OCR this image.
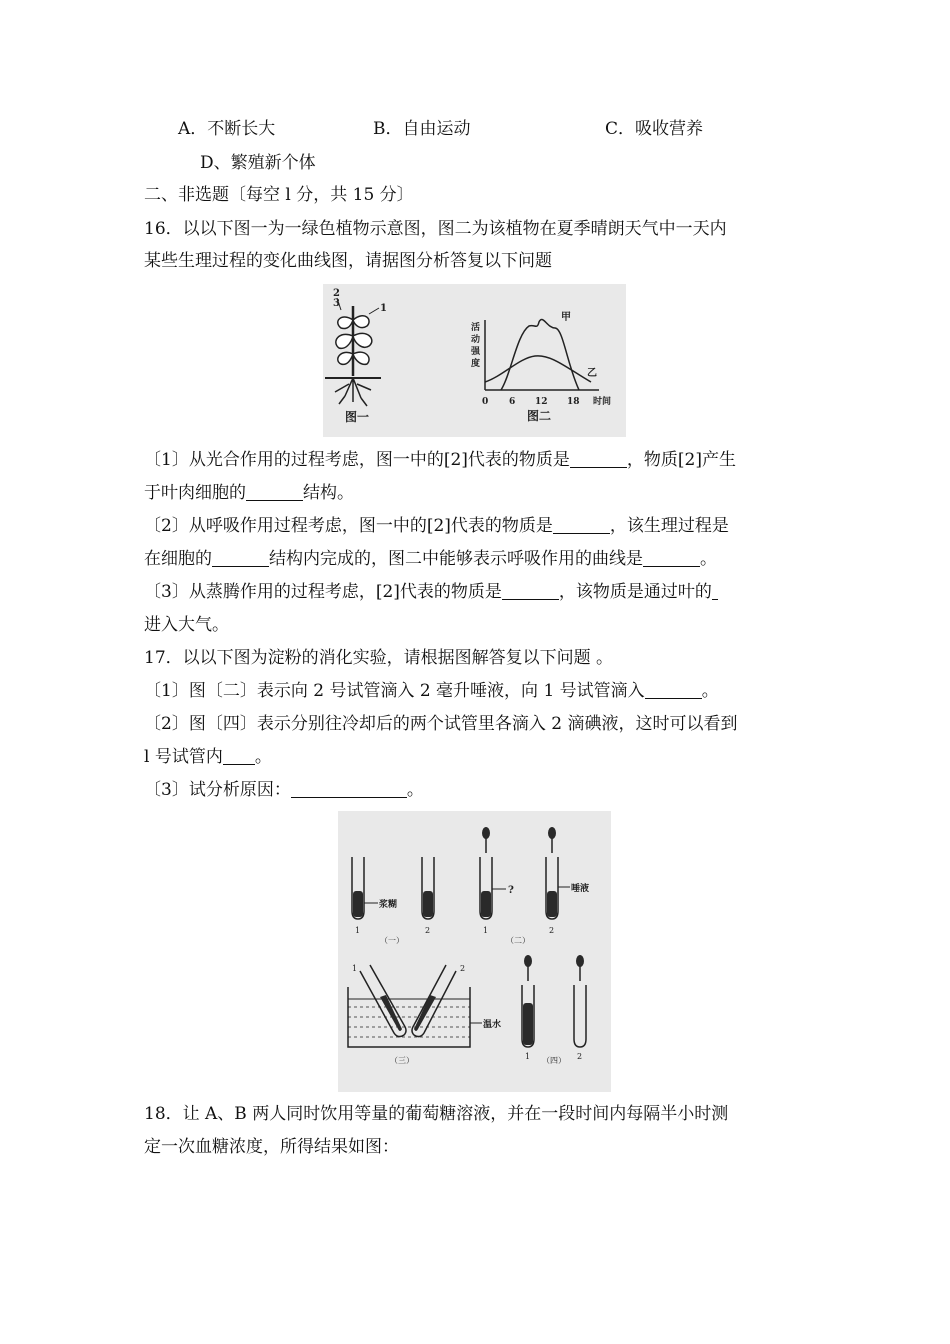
A．不断长大	B．自由运动	C．吸收营养
D、繁殖新个体
二、非选题〔每空 l 分，共 15 分〕
16．以以下图一为一绿色植物示意图，图二为该植物在夏季晴朗天气中一天内
某些生理过程的变化曲线图，请据图分析答复以下问题
1
2
3
图一
活
动
强
度
甲
乙
0 6 12 18 时间
图二
〔1〕从光合作用的过程考虑，图一中的[2]代表的物质是	，物质[2]产生
于叶肉细胞的	结构。
〔2〕从呼吸作用过程考虑，图一中的[2]代表的物质是	，该生理过程是
在细胞的	结构内完成的，图二中能够表示呼吸作用的曲线是	。
〔3〕从蒸腾作用的过程考虑，[2]代表的物质是	，该物质是通过叶的
进入大气。
17．以以下图为淀粉的消化实验，请根据图解答复以下问题 。
〔1〕图〔二〕表示向 2 号试管滴入 2 毫升唾液，向 1 号试管滴入	。
〔2〕图〔四〕表示分别往冷却后的两个试管里各滴入 2 滴碘液，这时可以看到
l 号试管内 。
〔3〕试分析原因：	。
浆糊
?	唾液
温水
1	2	1	2
1	2
1	2
（一）	（二）
（三）	（四）
18．让 A、B 两人同时饮用等量的葡萄糖溶液，并在一段时间内每隔半小时测
定一次血糖浓度，所得结果如图：
